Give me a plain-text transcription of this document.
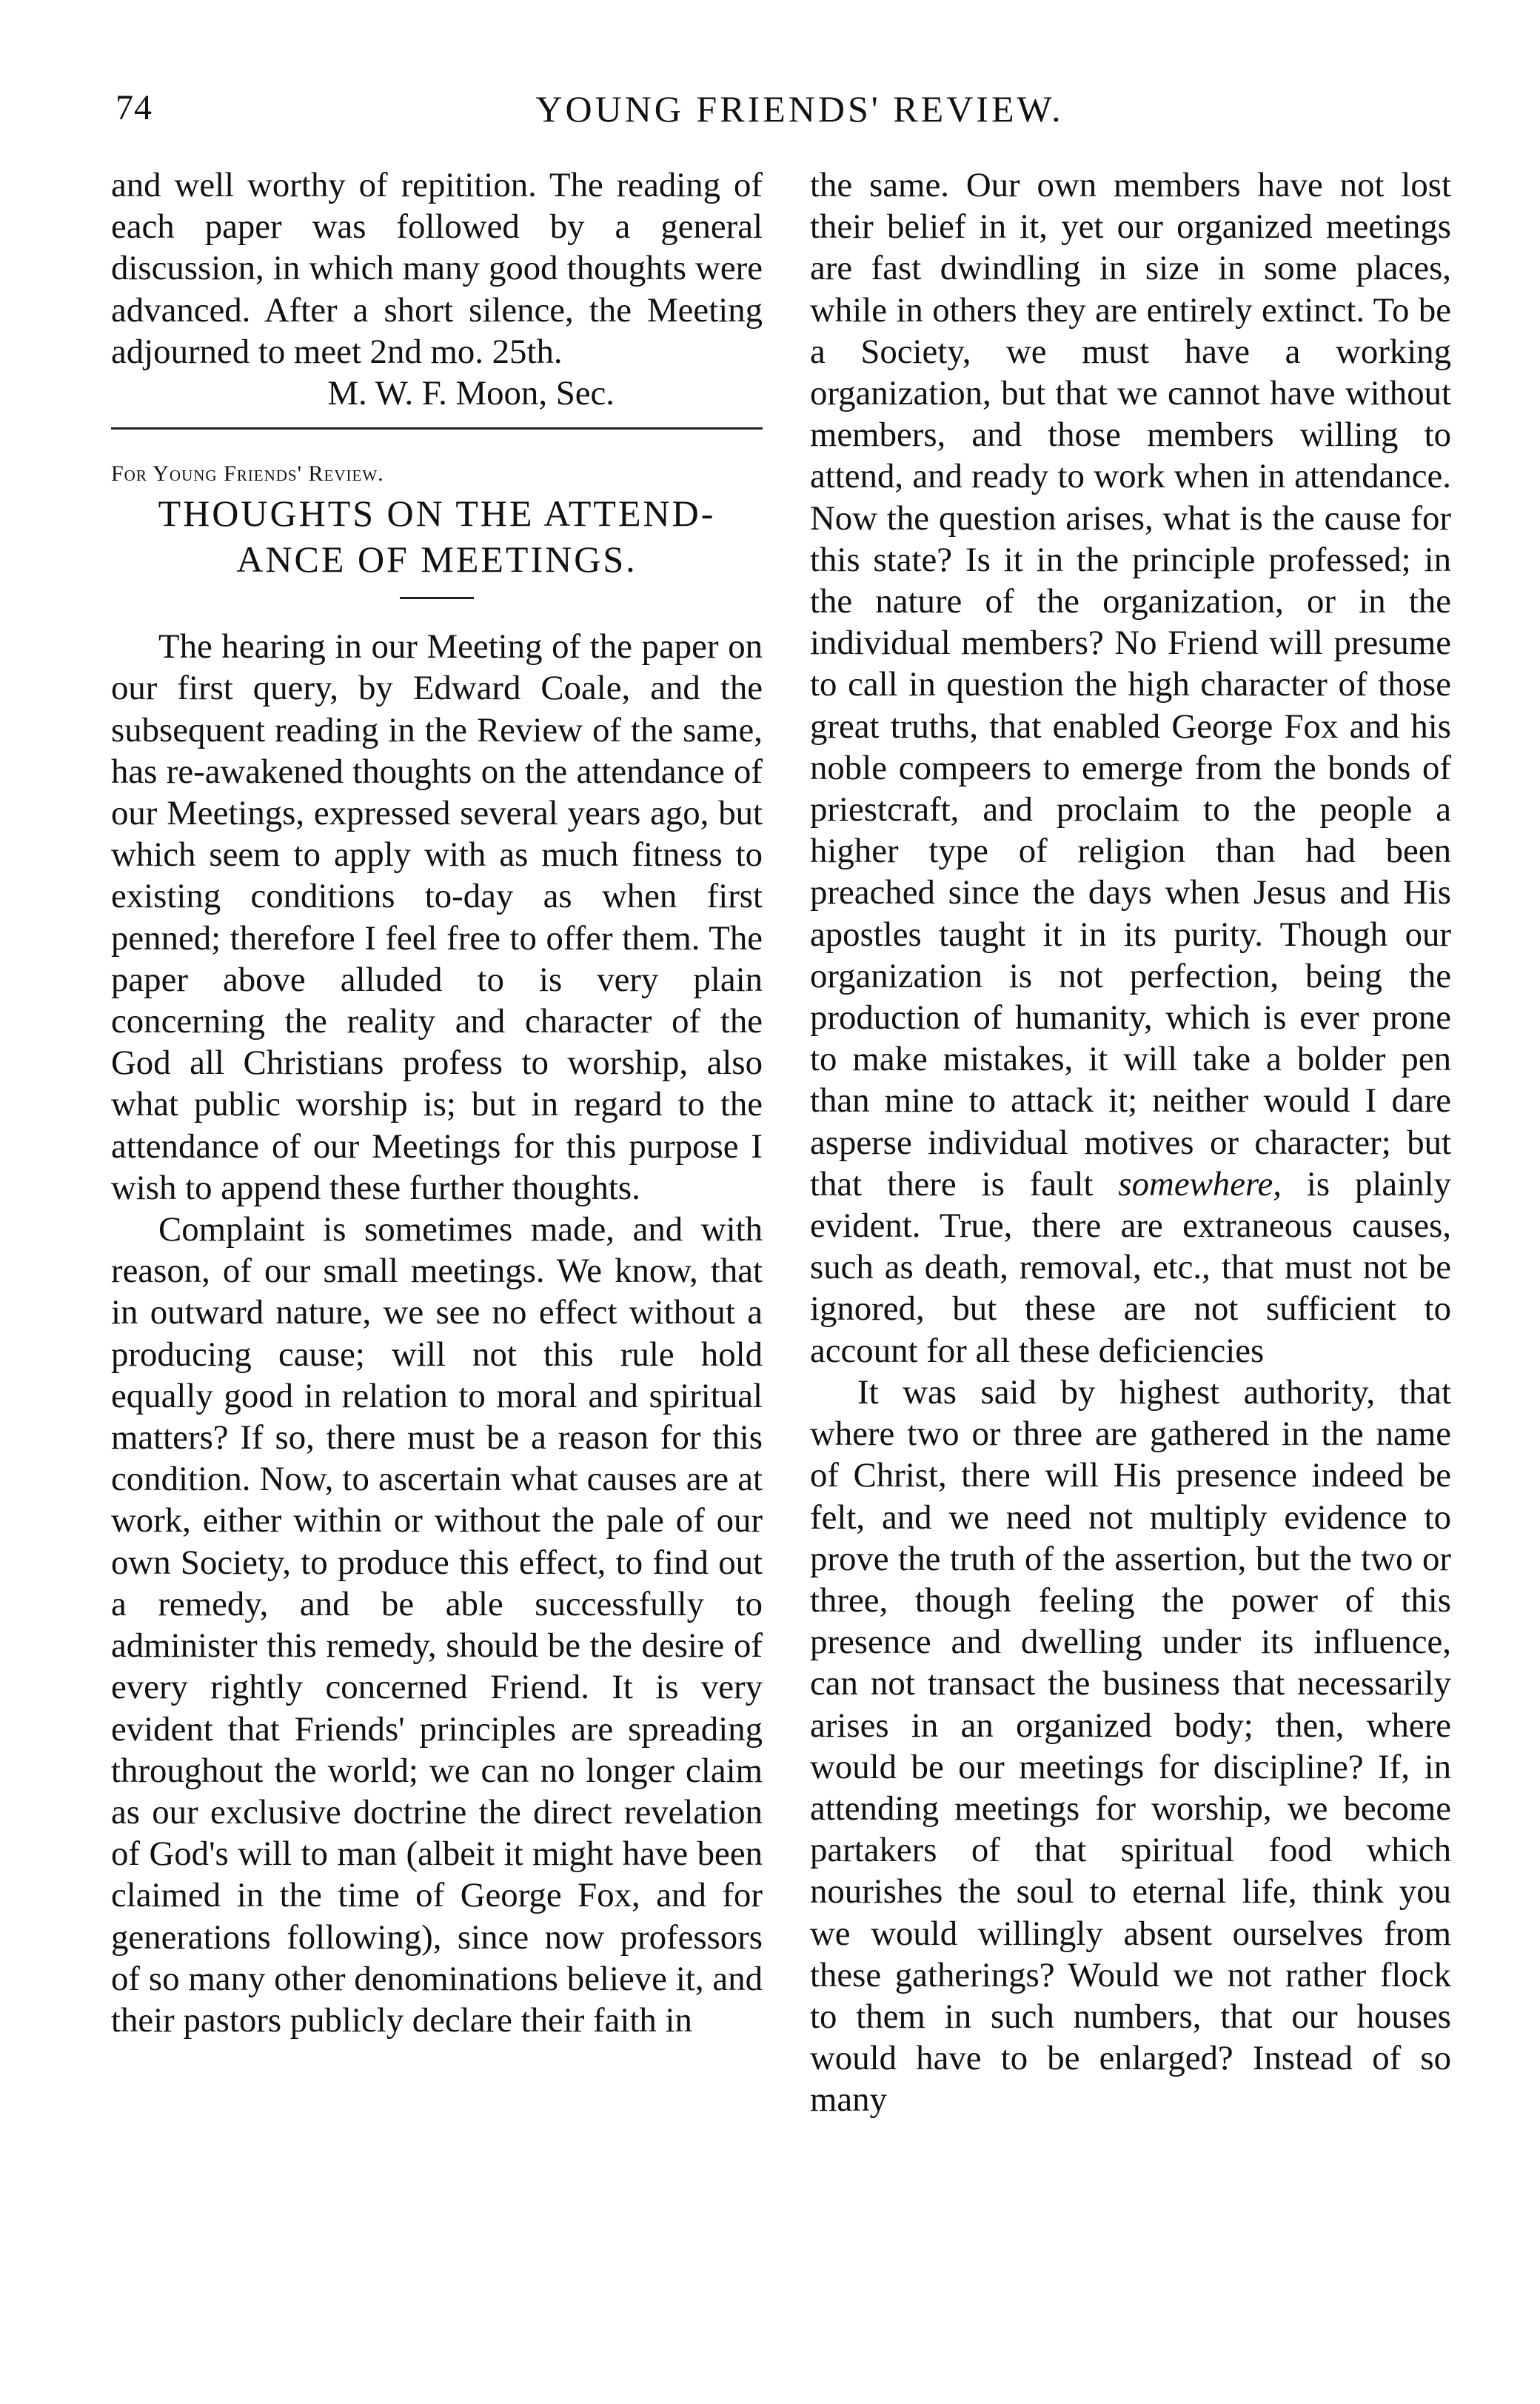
74	YOUNG FRIENDS' REVIEW.

and well worthy of repitition. The reading of each paper was followed by a general discussion, in which many good thoughts were advanced. After a short silence, the Meeting adjourned to meet 2nd mo. 25th.

M. W. F. Moon, Sec.

For Young Friends' Review.

THOUGHTS ON THE ATTEND-

ANCE OF MEETINGS.

The hearing in our Meeting of the paper on our first query, by Edward Coale, and the subsequent reading in the Review of the same, has re-awakened thoughts on the attendance of our Meetings, expressed several years ago, but which seem to apply with as much fitness to existing conditions to-day as when first penned; therefore I feel free to offer them. The paper above alluded to is very plain concerning the reality and character of the God all Christians profess to worship, also what public worship is; but in regard to the attendance of our Meetings for this purpose I wish to append these further thoughts.

Complaint is sometimes made, and with reason, of our small meetings. We know, that in outward nature, we see no effect without a producing cause; will not this rule hold equally good in relation to moral and spiritual matters? If so, there must be a reason for this condition. Now, to ascertain what causes are at work, either within or without the pale of our own Society, to produce this effect, to find out a remedy, and be able successfully to administer this remedy, should be the desire of every rightly concerned Friend. It is very evident that Friends' principles are spreading throughout the world; we can no longer claim as our exclusive doctrine the direct revelation of God's will to man (albeit it might have been claimed in the time of George Fox, and for generations following), since now professors of so many other denominations believe it, and their pastors publicly declare their faith in

the same. Our own members have not lost their belief in it, yet our organized meetings are fast dwindling in size in some places, while in others they are entirely extinct. To be a Society, we must have a working organization, but that we cannot have without members, and those members willing to attend, and ready to work when in attendance. Now the question arises, what is the cause for this state? Is it in the principle professed; in the nature of the organization, or in the individual members? No Friend will presume to call in question the high character of those great truths, that enabled George Fox and his noble compeers to emerge from the bonds of priestcraft, and proclaim to the people a higher type of religion than had been preached since the days when Jesus and His apostles taught it in its purity. Though our organization is not perfection, being the production of humanity, which is ever prone to make mistakes, it will take a bolder pen than mine to attack it; neither would I dare asperse individual motives or character; but that there is fault somewhere, is plainly evident. True, there are extraneous causes, such as death, removal, etc., that must not be ignored, but these are not sufficient to account for all these deficiencies

It was said by highest authority, that where two or three are gathered in the name of Christ, there will His presence indeed be felt, and we need not multiply evidence to prove the truth of the assertion, but the two or three, though feeling the power of this presence and dwelling under its influence, can not transact the business that necessarily arises in an organized body; then, where would be our meetings for discipline? If, in attending meetings for worship, we become partakers of that spiritual food which nourishes the soul to eternal life, think you we would willingly absent ourselves from these gatherings? Would we not rather flock to them in such numbers, that our houses would have to be enlarged? Instead of so many
